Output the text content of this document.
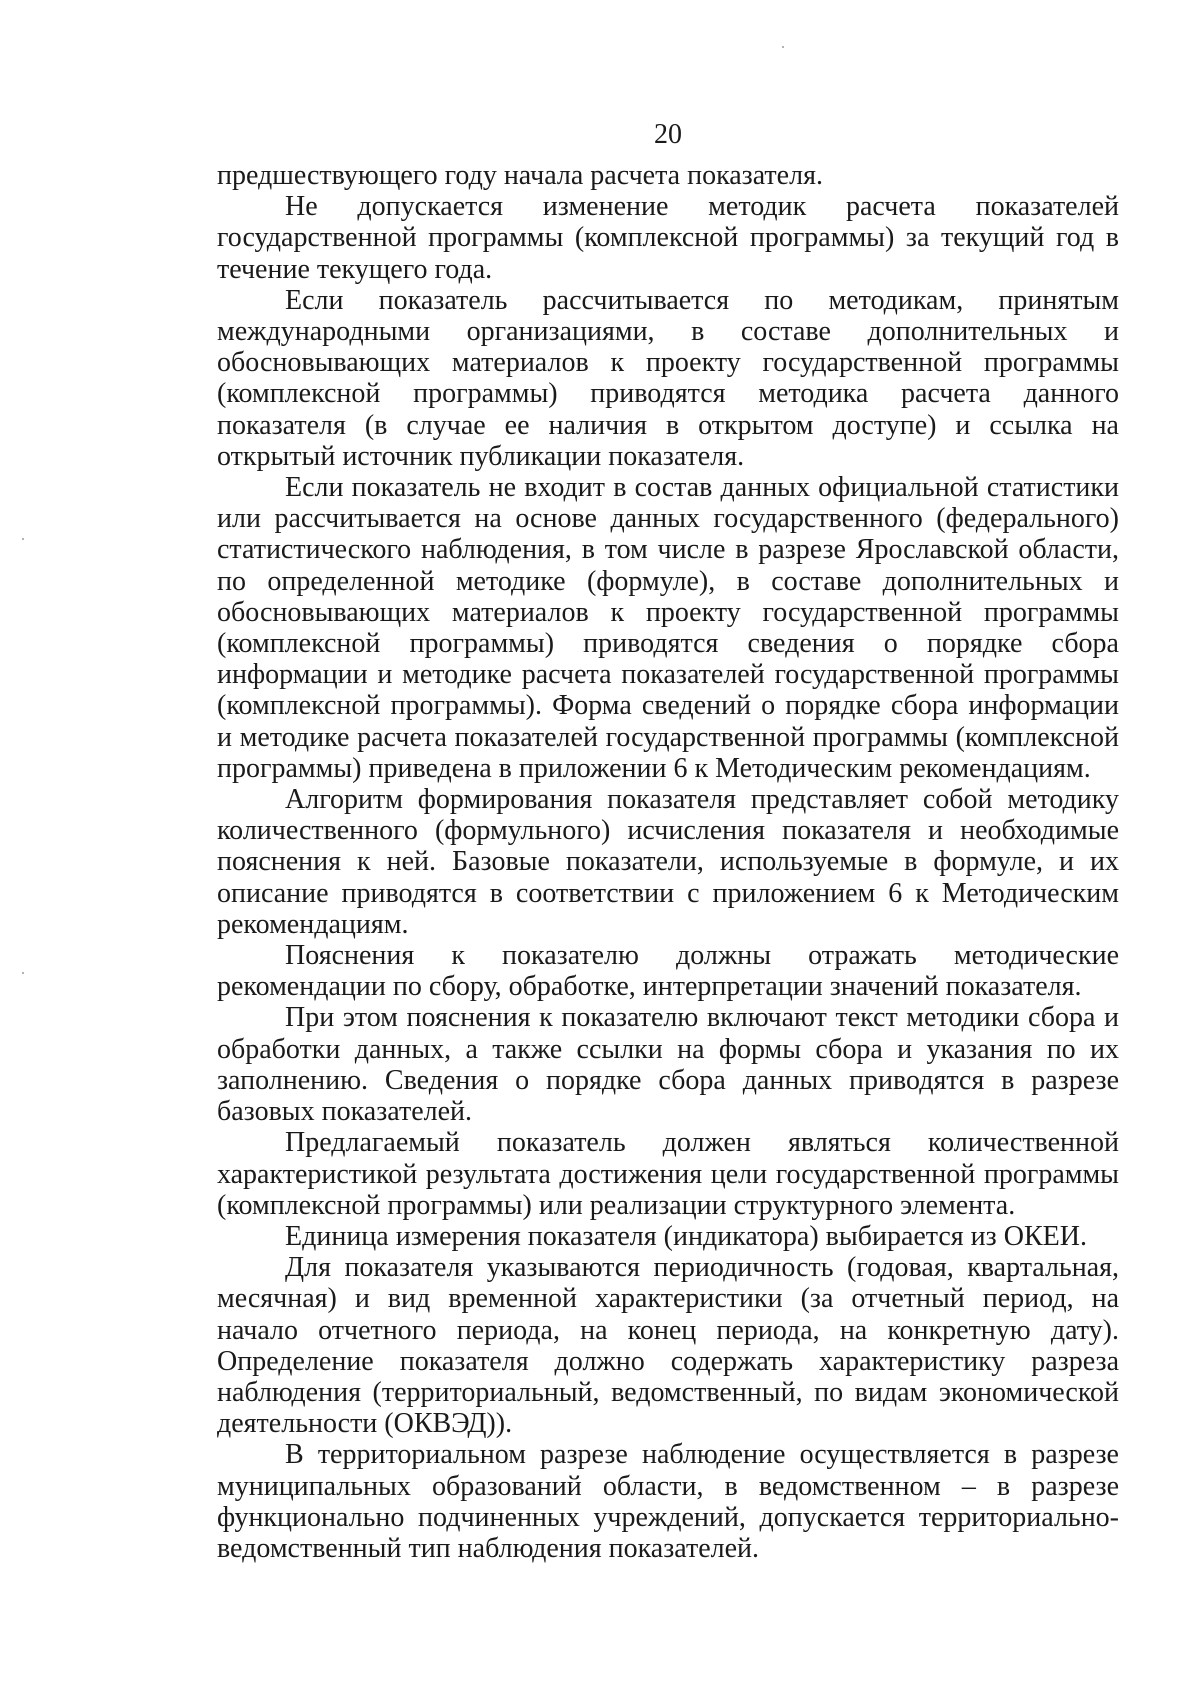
20

предшествующего году начала расчета показателя.

Не допускается изменение методик расчета показателей государственной программы (комплексной программы) за текущий год в течение текущего года.

Если показатель рассчитывается по методикам, принятым международными организациями, в составе дополнительных и обосновывающих материалов к проекту государственной программы (комплексной программы) приводятся методика расчета данного показателя (в случае ее наличия в открытом доступе) и ссылка на открытый источник публикации показателя.

Если показатель не входит в состав данных официальной статистики или рассчитывается на основе данных государственного (федерального) статистического наблюдения, в том числе в разрезе Ярославской области, по определенной методике (формуле), в составе дополнительных и обосновывающих материалов к проекту государственной программы (комплексной программы) приводятся сведения о порядке сбора информации и методике расчета показателей государственной программы (комплексной программы). Форма сведений о порядке сбора информации и методике расчета показателей государственной программы (комплексной программы) приведена в приложении 6 к Методическим рекомендациям.

Алгоритм формирования показателя представляет собой методику количественного (формульного) исчисления показателя и необходимые пояснения к ней. Базовые показатели, используемые в формуле, и их описание приводятся в соответствии с приложением 6 к Методическим рекомендациям.

Пояснения к показателю должны отражать методические рекомендации по сбору, обработке, интерпретации значений показателя.

При этом пояснения к показателю включают текст методики сбора и обработки данных, а также ссылки на формы сбора и указания по их заполнению. Сведения о порядке сбора данных приводятся в разрезе базовых показателей.

Предлагаемый показатель должен являться количественной характеристикой результата достижения цели государственной программы (комплексной программы) или реализации структурного элемента.

Единица измерения показателя (индикатора) выбирается из ОКЕИ.

Для показателя указываются периодичность (годовая, квартальная, месячная) и вид временной характеристики (за отчетный период, на начало отчетного периода, на конец периода, на конкретную дату). Определение показателя должно содержать характеристику разреза наблюдения (территориальный, ведомственный, по видам экономической деятельности (ОКВЭД)).

В территориальном разрезе наблюдение осуществляется в разрезе муниципальных образований области, в ведомственном – в разрезе функционально подчиненных учреждений, допускается территориально-ведомственный тип наблюдения показателей.
